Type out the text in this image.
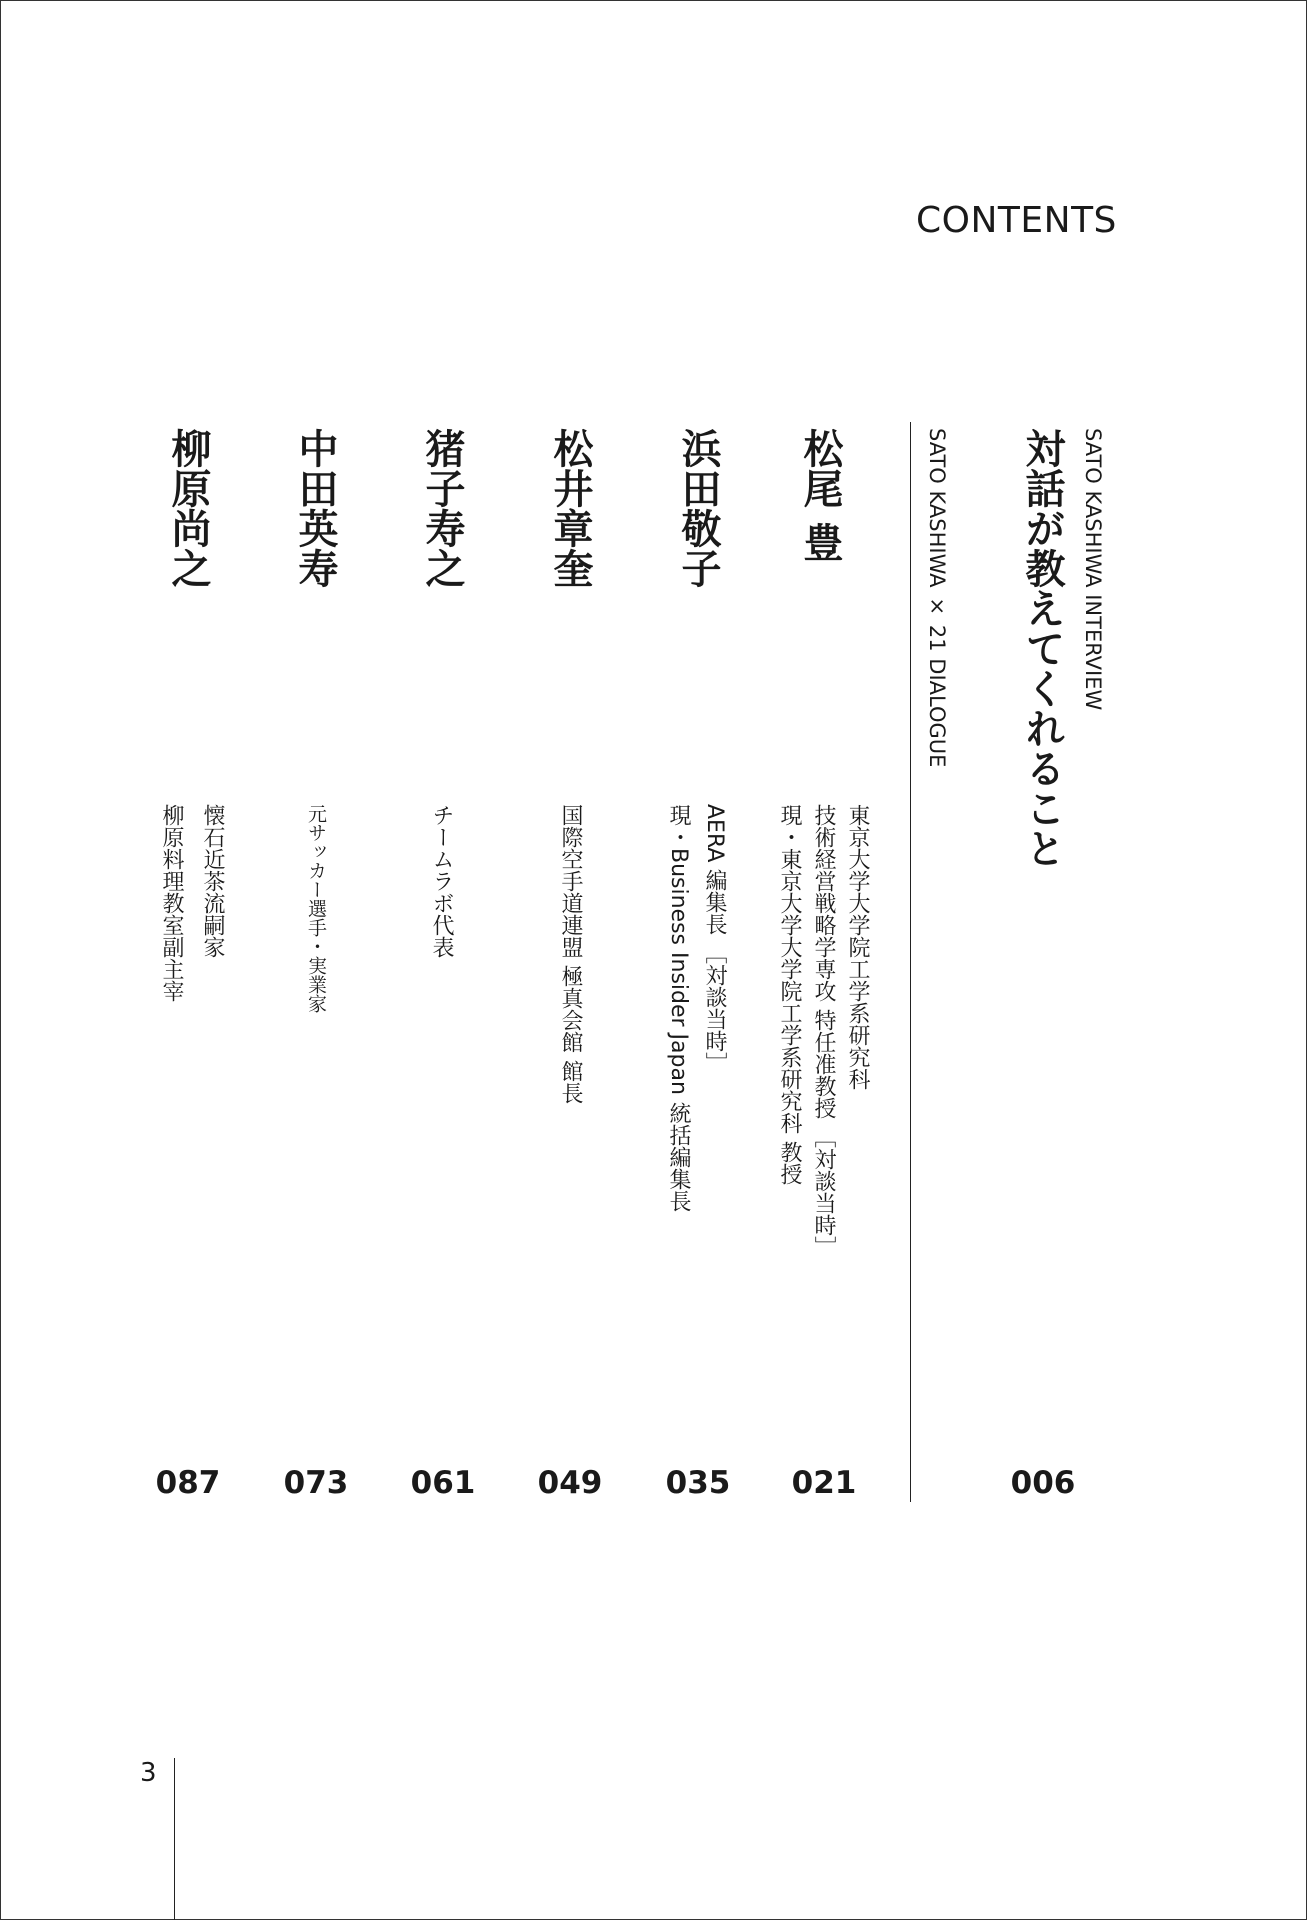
CONTENTS
SATO KASHIWA INTERVIEW
対話が教えてくれること
SATO KASHIWA × 21 DIALOGUE
006
松尾 豊
東京大学大学院工学系研究科
技術経営戦略学専攻 特任准教授 ［対談当時］
現・東京大学大学院工学系研究科 教授
021
浜田敬子
AERA 編集長 ［対談当時］
現・Business Insider Japan 統括編集長
035
松井章奎
国際空手道連盟 極真会館 館長
049
猪子寿之
チームラボ代表
061
中田英寿
元サッカー選手・実業家
073
柳原尚之
懐石近茶流嗣家
柳原料理教室副主宰
087
3
